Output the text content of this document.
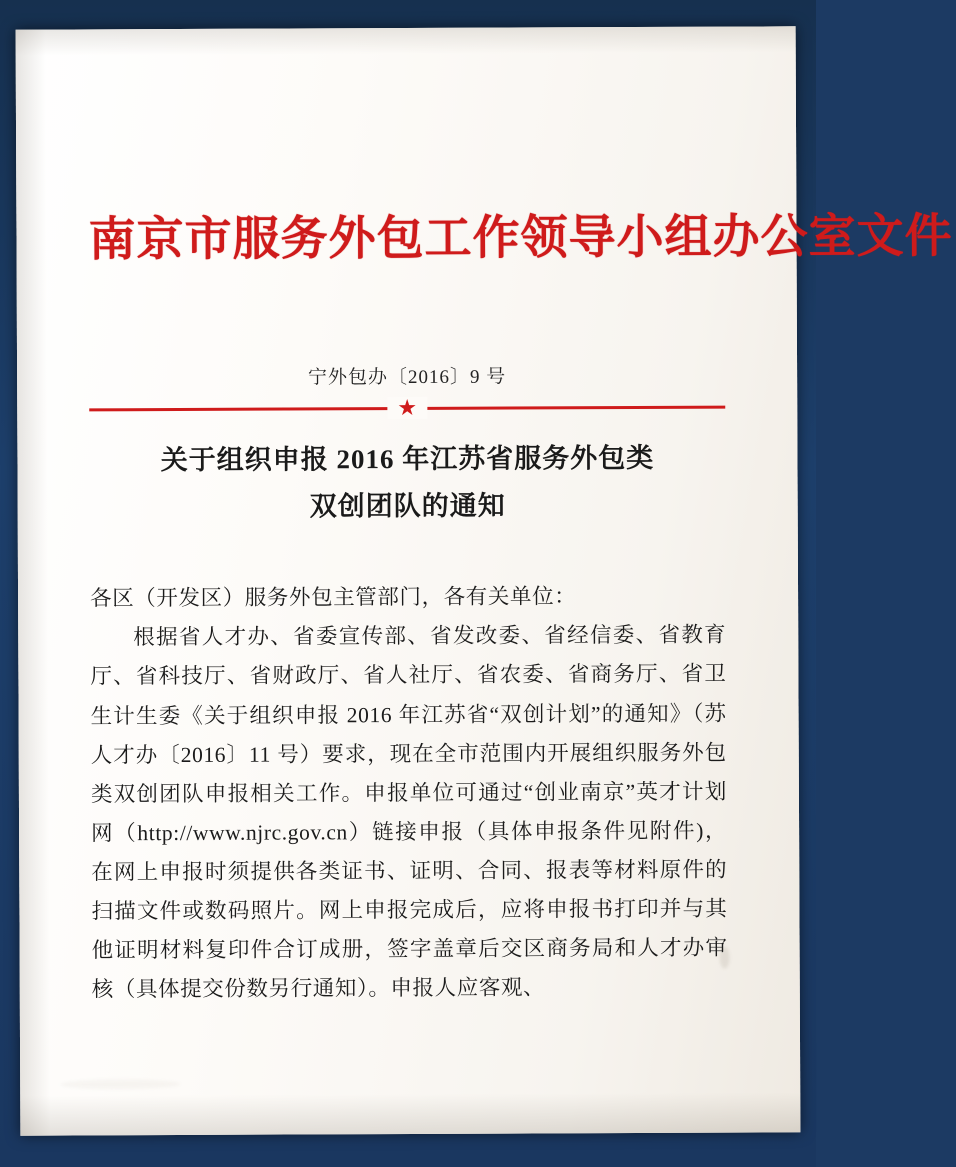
南京市服务外包工作领导小组办公室文件
宁外包办〔2016〕9 号
★
关于组织申报 2016 年江苏省服务外包类
双创团队的通知

各区（开发区）服务外包主管部门，各有关单位：

根据省人才办、省委宣传部、省发改委、省经信委、省教育厅、省科技厅、省财政厅、省人社厅、省农委、省商务厅、省卫生计生委《关于组织申报 2016 年江苏省“双创计划”的通知》（苏人才办〔2016〕11 号）要求，现在全市范围内开展组织服务外包类双创团队申报相关工作。申报单位可通过“创业南京”英才计划网（http://www.njrc.gov.cn）链接申报（具体申报条件见附件)，在网上申报时须提供各类证书、证明、合同、报表等材料原件的扫描文件或数码照片。网上申报完成后，应将申报书打印并与其他证明材料复印件合订成册，签字盖章后交区商务局和人才办审核（具体提交份数另行通知）。申报人应客观、
